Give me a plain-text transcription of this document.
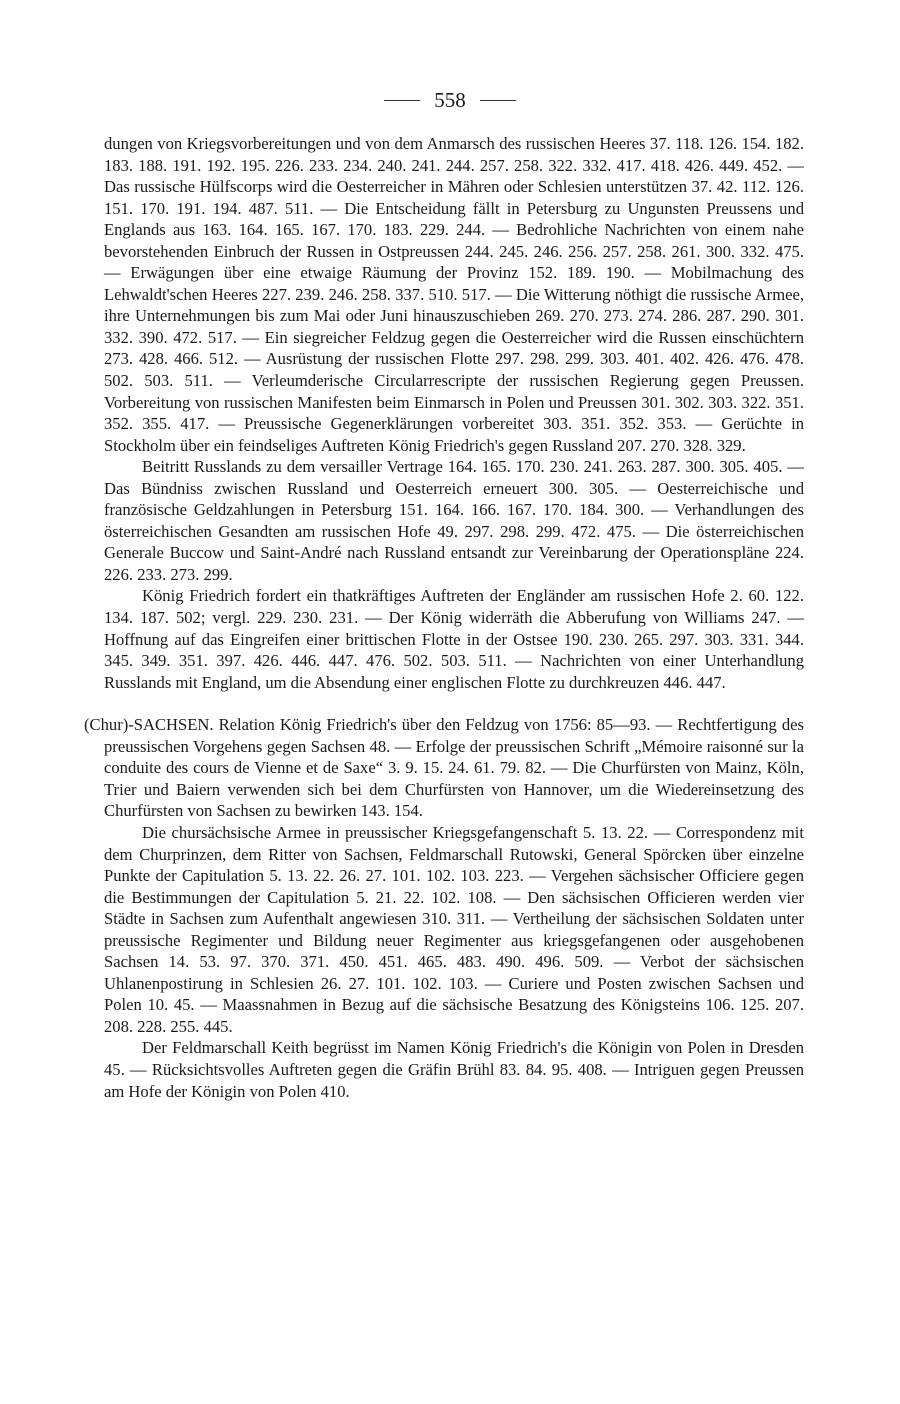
558

dungen von Kriegsvorbereitungen und von dem Anmarsch des russischen Heeres 37. 118. 126. 154. 182. 183. 188. 191. 192. 195. 226. 233. 234. 240. 241. 244. 257. 258. 322. 332. 417. 418. 426. 449. 452. — Das russische Hülfscorps wird die Oesterreicher in Mähren oder Schlesien unterstützen 37. 42. 112. 126. 151. 170. 191. 194. 487. 511. — Die Entscheidung fällt in Petersburg zu Ungunsten Preussens und Englands aus 163. 164. 165. 167. 170. 183. 229. 244. — Bedrohliche Nachrichten von einem nahe bevorstehenden Einbruch der Russen in Ostpreussen 244. 245. 246. 256. 257. 258. 261. 300. 332. 475. — Erwägungen über eine etwaige Räumung der Provinz 152. 189. 190. — Mobilmachung des Lehwaldt'schen Heeres 227. 239. 246. 258. 337. 510. 517. — Die Witterung nöthigt die russische Armee, ihre Unternehmungen bis zum Mai oder Juni hinauszuschieben 269. 270. 273. 274. 286. 287. 290. 301. 332. 390. 472. 517. — Ein siegreicher Feldzug gegen die Oesterreicher wird die Russen einschüchtern 273. 428. 466. 512. — Ausrüstung der russischen Flotte 297. 298. 299. 303. 401. 402. 426. 476. 478. 502. 503. 511. — Verleumderische Circularrescripte der russischen Regierung gegen Preussen. Vorbereitung von russischen Manifesten beim Einmarsch in Polen und Preussen 301. 302. 303. 322. 351. 352. 355. 417. — Preussische Gegenerklärungen vorbereitet 303. 351. 352. 353. — Gerüchte in Stockholm über ein feindseliges Auftreten König Friedrich's gegen Russland 207. 270. 328. 329.

Beitritt Russlands zu dem versailler Vertrage 164. 165. 170. 230. 241. 263. 287. 300. 305. 405. — Das Bündniss zwischen Russland und Oesterreich erneuert 300. 305. — Oesterreichische und französische Geldzahlungen in Petersburg 151. 164. 166. 167. 170. 184. 300. — Verhandlungen des österreichischen Gesandten am russischen Hofe 49. 297. 298. 299. 472. 475. — Die österreichischen Generale Buccow und Saint-André nach Russland entsandt zur Vereinbarung der Operationspläne 224. 226. 233. 273. 299.

König Friedrich fordert ein thatkräftiges Auftreten der Engländer am russischen Hofe 2. 60. 122. 134. 187. 502; vergl. 229. 230. 231. — Der König widerräth die Abberufung von Williams 247. — Hoffnung auf das Eingreifen einer brittischen Flotte in der Ostsee 190. 230. 265. 297. 303. 331. 344. 345. 349. 351. 397. 426. 446. 447. 476. 502. 503. 511. — Nachrichten von einer Unterhandlung Russlands mit England, um die Absendung einer englischen Flotte zu durchkreuzen 446. 447.

(Chur)-SACHSEN. Relation König Friedrich's über den Feldzug von 1756: 85—93. — Rechtfertigung des preussischen Vorgehens gegen Sachsen 48. — Erfolge der preussischen Schrift „Mémoire raisonné sur la conduite des cours de Vienne et de Saxe“ 3. 9. 15. 24. 61. 79. 82. — Die Churfürsten von Mainz, Köln, Trier und Baiern verwenden sich bei dem Churfürsten von Hannover, um die Wiedereinsetzung des Churfürsten von Sachsen zu bewirken 143. 154.

Die chursächsische Armee in preussischer Kriegsgefangenschaft 5. 13. 22. — Correspondenz mit dem Churprinzen, dem Ritter von Sachsen, Feldmarschall Rutowski, General Spörcken über einzelne Punkte der Capitulation 5. 13. 22. 26. 27. 101. 102. 103. 223. — Vergehen sächsischer Officiere gegen die Bestimmungen der Capitulation 5. 21. 22. 102. 108. — Den sächsischen Officieren werden vier Städte in Sachsen zum Aufenthalt angewiesen 310. 311. — Vertheilung der sächsischen Soldaten unter preussische Regimenter und Bildung neuer Regimenter aus kriegsgefangenen oder ausgehobenen Sachsen 14. 53. 97. 370. 371. 450. 451. 465. 483. 490. 496. 509. — Verbot der sächsischen Uhlanenpostirung in Schlesien 26. 27. 101. 102. 103. — Curiere und Posten zwischen Sachsen und Polen 10. 45. — Maassnahmen in Bezug auf die sächsische Besatzung des Königsteins 106. 125. 207. 208. 228. 255. 445.

Der Feldmarschall Keith begrüsst im Namen König Friedrich's die Königin von Polen in Dresden 45. — Rücksichtsvolles Auftreten gegen die Gräfin Brühl 83. 84. 95. 408. — Intriguen gegen Preussen am Hofe der Königin von Polen 410.
